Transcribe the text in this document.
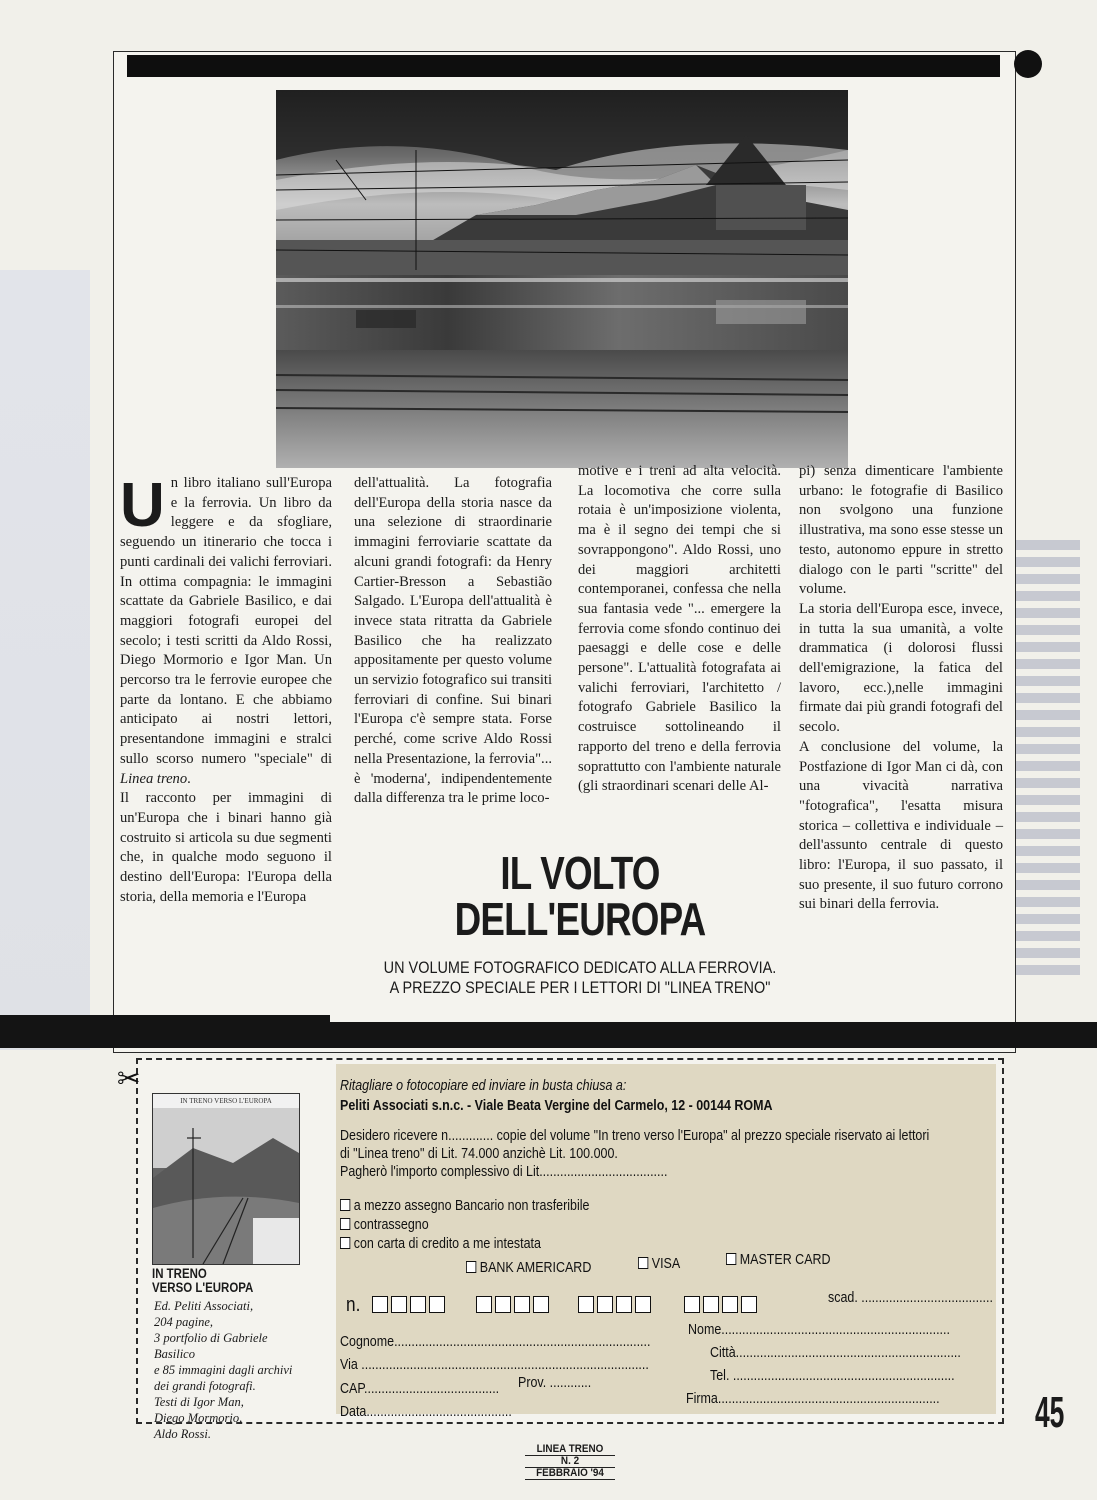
U n libro italiano sull'Europa e la ferrovia. Un libro da leggere e da sfogliare, seguendo un itinerario che tocca i punti cardinali dei valichi ferroviari. In ottima compagnia: le immagini scattate da Gabriele Basilico, e dai maggiori fotografi europei del secolo; i testi scritti da Aldo Rossi, Diego Mormorio e Igor Man. Un percorso tra le ferrovie europee che parte da lontano. E che abbiamo anticipato ai nostri lettori, presentandone immagini e stralci sullo scorso numero "speciale" di Linea treno.

Il racconto per immagini di un'Europa che i binari hanno già costruito si articola su due segmenti che, in qualche modo seguono il destino dell'Europa: l'Europa della storia, della memoria e l'Europa

dell'attualità. La fotografia dell'Europa della storia nasce da una selezione di straordinarie immagini ferroviarie scattate da alcuni grandi fotografi: da Henry Cartier-Bresson a Sebastião Salgado. L'Europa dell'attualità è invece stata ritratta da Gabriele Basilico che ha realizzato appositamente per questo volume un servizio fotografico sui transiti ferroviari di confine. Sui binari l'Europa c'è sempre stata. Forse perché, come scrive Aldo Rossi nella Presentazione, la ferrovia"... è 'moderna', indipendentemente dalla differenza tra le prime loco-

motive e i treni ad alta velocità. La locomotiva che corre sulla rotaia è un'imposizione violenta, ma è il segno dei tempi che si sovrappongono". Aldo Rossi, uno dei maggiori architetti contemporanei, confessa che nella sua fantasia vede "... emergere la ferrovia come sfondo continuo dei paesaggi e delle cose e delle persone". L'attualità fotografata ai valichi ferroviari, l'architetto / fotografo Gabriele Basilico la costruisce sottolineando il rapporto del treno e della ferrovia soprattutto con l'ambiente naturale (gli straordinari scenari delle Al-

pi) senza dimenticare l'ambiente urbano: le fotografie di Basilico non svolgono una funzione illustrativa, ma sono esse stesse un testo, autonomo eppure in stretto dialogo con le parti "scritte" del volume.

La storia dell'Europa esce, invece, in tutta la sua umanità, a volte drammatica (i dolorosi flussi dell'emigrazione, la fatica del lavoro, ecc.),nelle immagini firmate dai più grandi fotografi del secolo.

A conclusione del volume, la Postfazione di Igor Man ci dà, con una vivacità narrativa "fotografica", l'esatta misura storica – collettiva e individuale – dell'assunto centrale di questo libro: l'Europa, il suo passato, il suo presente, il suo futuro corrono sui binari della ferrovia.

IL VOLTO
DELL'EUROPA
UN VOLUME FOTOGRAFICO DEDICATO ALLA FERROVIA.
A PREZZO SPECIALE PER I LETTORI DI "LINEA TRENO"
✂
IN TRENO VERSO L'EUROPA
IN TRENO
VERSO L'EUROPA
Ed. Peliti Associati,
204 pagine,
3 portfolio di Gabriele Basilico
e 85 immagini dagli archivi
dei grandi fotografi.
Testi di Igor Man,
Diego Mormorio,
Aldo Rossi.
Ritagliare o fotocopiare ed inviare in busta chiusa a:
Peliti Associati s.n.c. - Viale Beata Vergine del Carmelo, 12 - 00144 ROMA
Desidero ricevere n............. copie del volume "In treno verso l'Europa" al prezzo speciale riservato ai lettori
di "Linea treno" di Lit. 74.000 anzichè Lit. 100.000.
Pagherò l'importo complessivo di Lit.....................................
a mezzo assegno Bancario non trasferibile
contrassegno
con carta di credito a me intestata
BANK AMERICARD	VISA	MASTER CARD
n.	scad. ......................................
Cognome..........................................................................
Nome..................................................................
Via ...................................................................................
Città.................................................................
CAP....................................... Prov. ............	Tel. ................................................................
Data..........................................
Firma................................................................ 45
LINEA TRENO
N. 2
FEBBRAIO '94
